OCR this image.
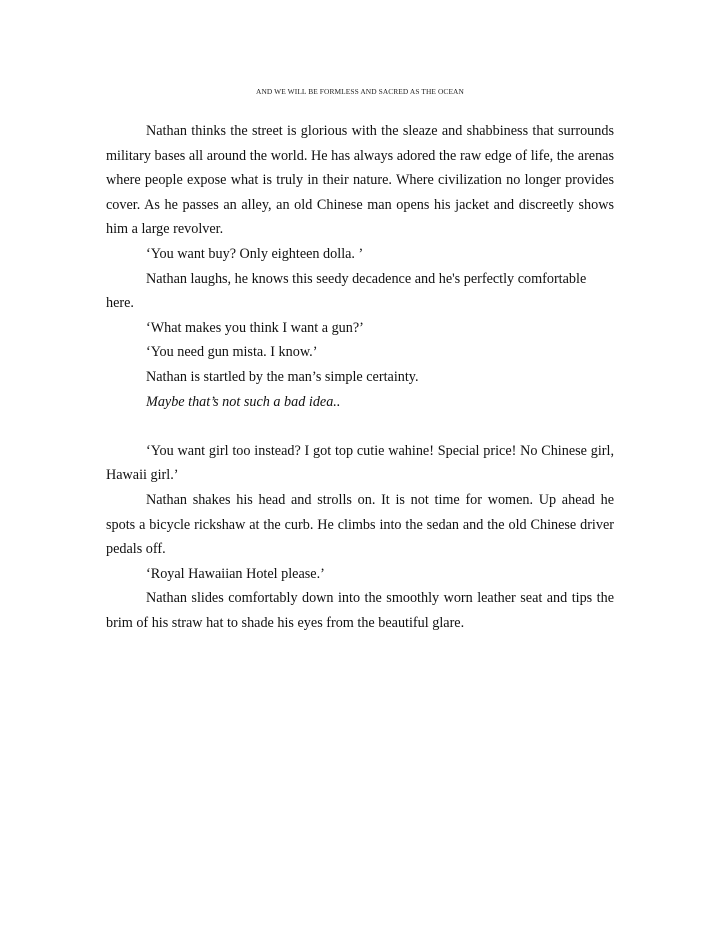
AND WE WILL BE FORMLESS AND SACRED AS THE OCEAN

Nathan thinks the street is glorious with the sleaze and shabbiness that surrounds military bases all around the world. He has always adored the raw edge of life, the arenas where people expose what is truly in their nature. Where civilization no longer provides cover. As he passes an alley, an old Chinese man opens his jacket and discreetly shows him a large revolver.

‘You want buy? Only eighteen dolla. ’

Nathan laughs, he knows this seedy decadence and he's perfectly comfortable here.

‘What makes you think I want a gun?’

‘You need gun mista. I know.’

Nathan is startled by the man’s simple certainty.

Maybe that’s not such a bad idea..

‘You want girl too instead? I got top cutie wahine! Special price! No Chinese girl, Hawaii girl.’

Nathan shakes his head and strolls on. It is not time for women. Up ahead he spots a bicycle rickshaw at the curb. He climbs into the sedan and the old Chinese driver pedals off.

‘Royal Hawaiian Hotel please.’

Nathan slides comfortably down into the smoothly worn leather seat and tips the brim of his straw hat to shade his eyes from the beautiful glare.
